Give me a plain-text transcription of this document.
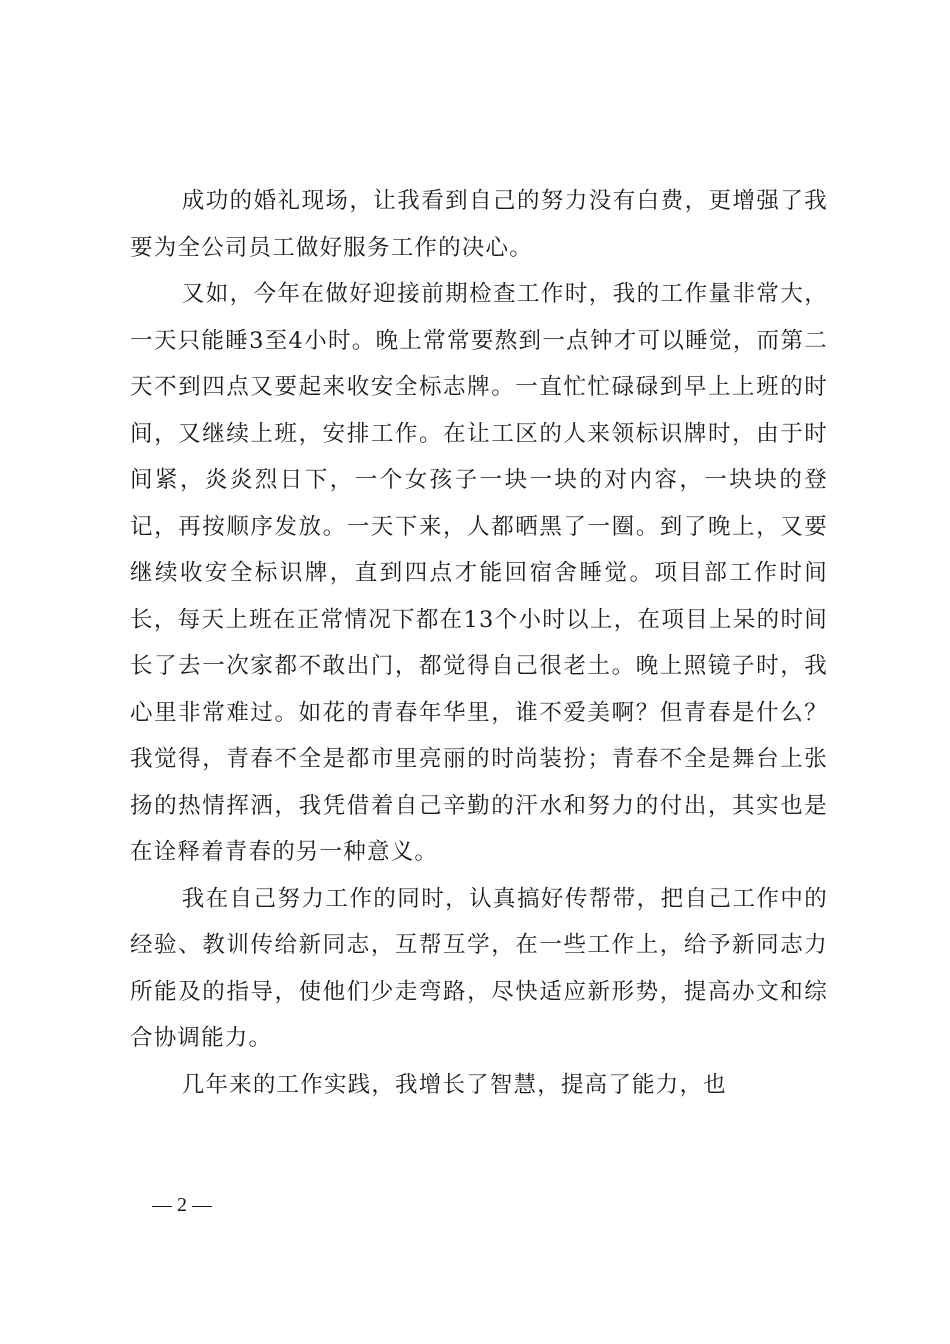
成功的婚礼现场，让我看到自己的努力没有白费，更增强了我要为全公司员工做好服务工作的决心。

又如，今年在做好迎接前期检查工作时，我的工作量非常大，一天只能睡3至4小时。晚上常常要熬到一点钟才可以睡觉，而第二天不到四点又要起来收安全标志牌。一直忙忙碌碌到早上上班的时间，又继续上班，安排工作。在让工区的人来领标识牌时，由于时间紧，炎炎烈日下，一个女孩子一块一块的对内容，一块块的登记，再按顺序发放。一天下来，人都晒黑了一圈。到了晚上，又要继续收安全标识牌，直到四点才能回宿舍睡觉。项目部工作时间长，每天上班在正常情况下都在13个小时以上，在项目上呆的时间长了去一次家都不敢出门，都觉得自己很老土。晚上照镜子时，我心里非常难过。如花的青春年华里，谁不爱美啊？但青春是什么？我觉得，青春不全是都市里亮丽的时尚装扮；青春不全是舞台上张扬的热情挥洒，我凭借着自己辛勤的汗水和努力的付出，其实也是在诠释着青春的另一种意义。

我在自己努力工作的同时，认真搞好传帮带，把自己工作中的经验、教训传给新同志，互帮互学，在一些工作上，给予新同志力所能及的指导，使他们少走弯路，尽快适应新形势，提高办文和综合协调能力。

几年来的工作实践，我增长了智慧，提高了能力，也

— 2 —
